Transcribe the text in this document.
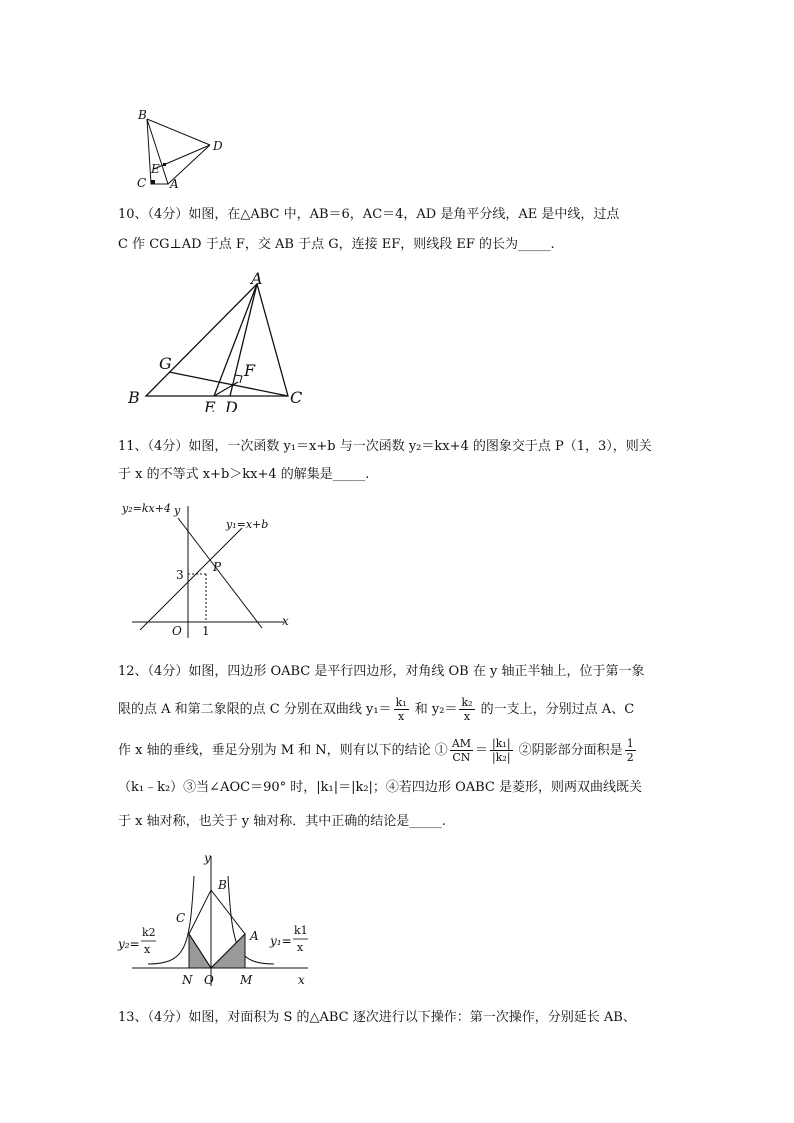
B
D
E
C A
10、（4分）如图，在△ABC 中，AB＝6，AC＝4，AD 是角平分线，AE 是中线，过点
C 作 CG⊥AD 于点 F，交 AB 于点 G，连接 EF，则线段 EF 的长为_____.
A
G	F
B
E D
C
11、（4分）如图，一次函数 y₁＝x+b 与一次函数 y₂＝kx+4 的图象交于点 P（1，3），则关
于 x 的不等式 x+b＞kx+4 的解集是_____.
y₂=kx+4 y
y₁=x+b
P
3
O 1
x
12、（4分）如图，四边形 OABC 是平行四边形，对角线 OB 在 y 轴正半轴上，位于第一象
限的点 A 和第二象限的点 C 分别在双曲线 $y_1= \frac{\text{k₁}}{x}$ 和 $y_2= \frac{\text{k₂}}{x}$ 的一支上，分别过点 A、C
作 x 轴的垂线，垂足分别为 M 和 N，则有以下的结论 ① $\frac{AM}{CN} = \frac{\text{|k₁|}}{\text{|k₂|}}$ ②阴影部分面积是 $\frac{1}{2}$
（k₁﹣k₂）③当∠AOC＝90° 时，|k₁|＝|k₂|；④若四边形 OABC 是菱形，则两双曲线既关
于 x 轴对称，也关于 y 轴对称．其中正确的结论是_____.
y
B
C
A
y₂=
k2
x
y₁=
k1
x
N O M	x
13、（4分）如图，对面积为 S 的△ABC 逐次进行以下操作：第一次操作，分别延长 AB、
